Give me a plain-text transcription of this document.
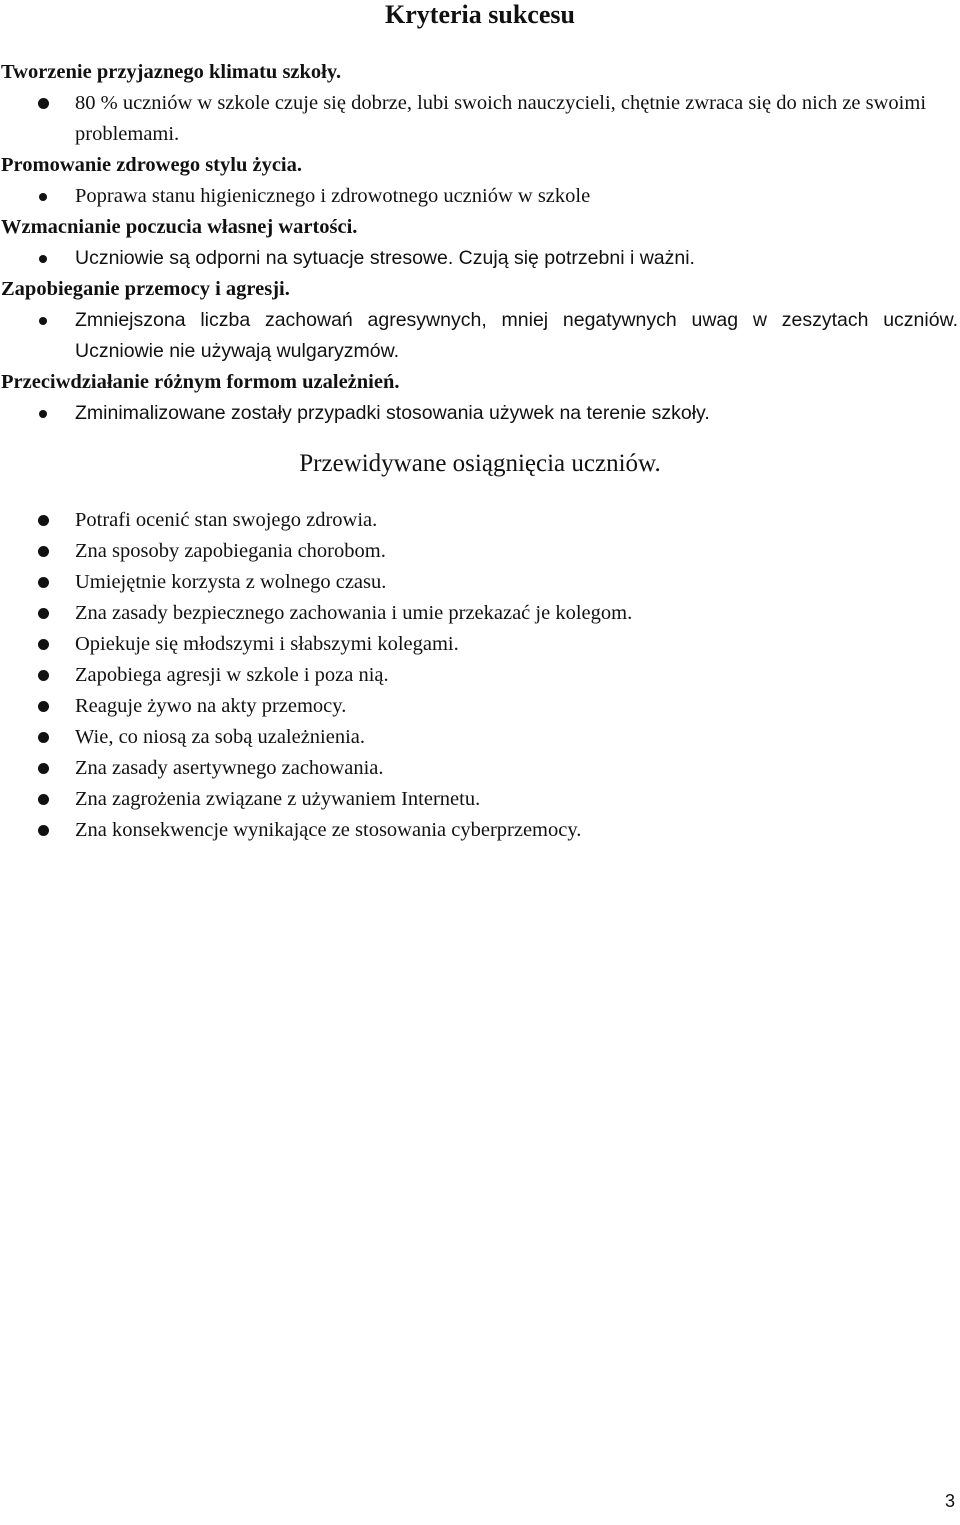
Kryteria sukcesu

Tworzenie przyjaznego klimatu szkoły.

80 % uczniów w szkole czuje się dobrze, lubi swoich nauczycieli, chętnie zwraca się do nich ze swoimi problemami.

Promowanie zdrowego stylu życia.

Poprawa stanu higienicznego i zdrowotnego uczniów w szkole

Wzmacnianie poczucia własnej wartości.

Uczniowie są odporni na sytuacje stresowe. Czują się potrzebni i ważni.

Zapobieganie przemocy i agresji.

Zmniejszona liczba zachowań agresywnych, mniej negatywnych uwag w zeszytach uczniów. Uczniowie nie używają wulgaryzmów.

Przeciwdziałanie różnym formom uzależnień.

Zminimalizowane zostały przypadki stosowania używek na terenie szkoły.
Przewidywane osiągnięcia uczniów.
Potrafi ocenić stan swojego zdrowia.
Zna sposoby zapobiegania chorobom.
Umiejętnie korzysta z wolnego czasu.
Zna zasady bezpiecznego zachowania i umie przekazać je kolegom.
Opiekuje się młodszymi i słabszymi kolegami.
Zapobiega agresji w szkole i poza nią.
Reaguje żywo na akty przemocy.
Wie, co niosą za sobą uzależnienia.
Zna zasady asertywnego zachowania.
Zna zagrożenia związane z używaniem Internetu.
Zna konsekwencje wynikające ze stosowania cyberprzemocy.
3
